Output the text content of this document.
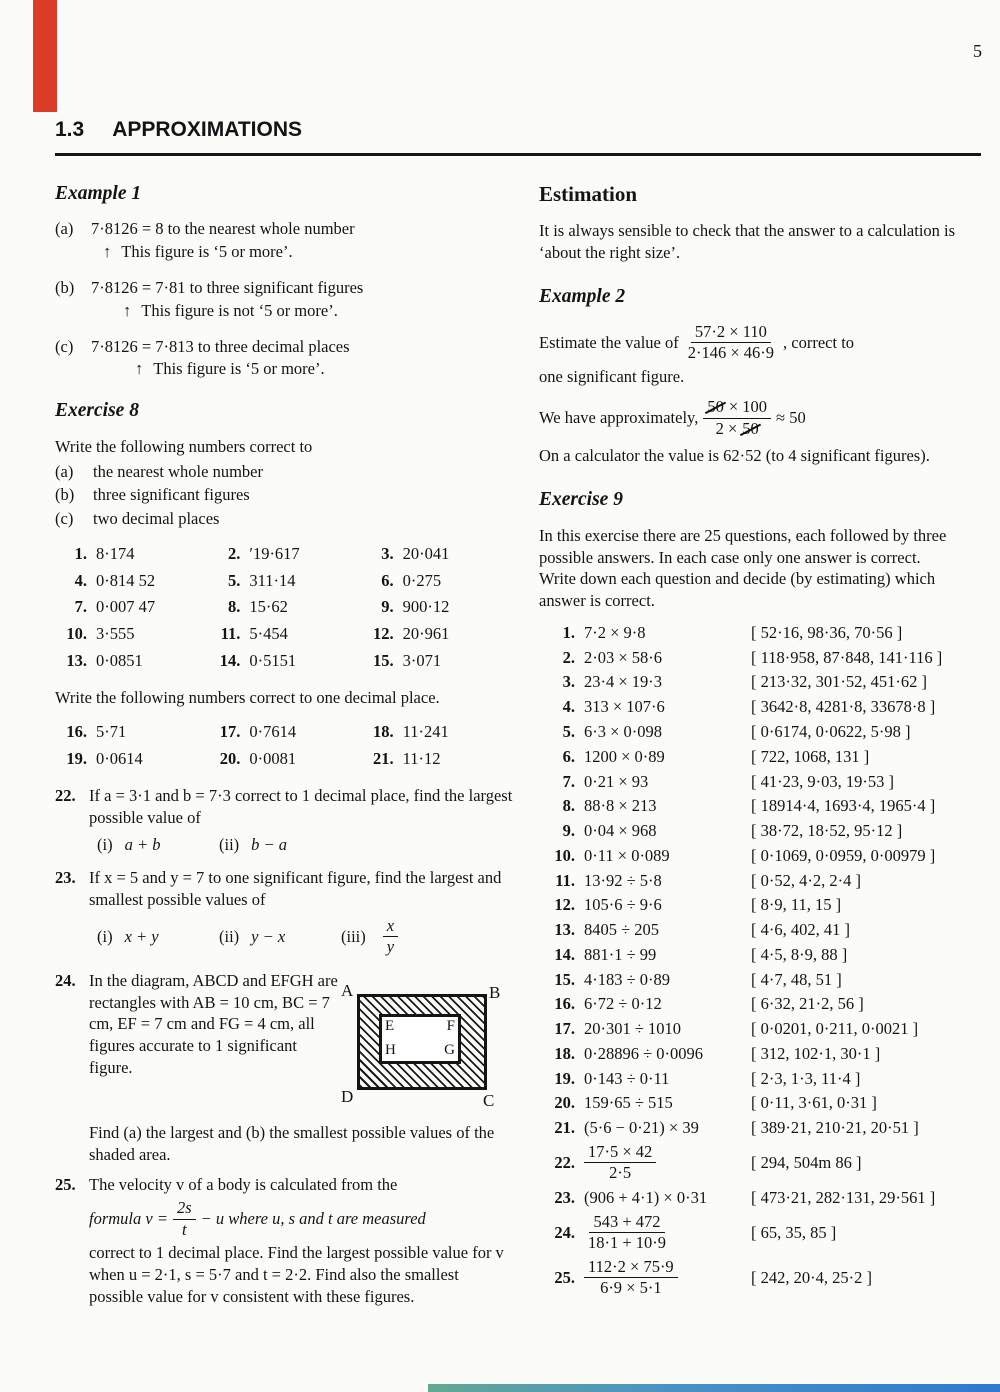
5
1.3 APPROXIMATIONS
Example 1
(a)	7·8126 = 8 to the nearest whole number
↑ This figure is ‘5 or more’.
(b)	7·8126 = 7·81 to three significant figures
↑ This figure is not ‘5 or more’.
(c)	7·8126 = 7·813 to three decimal places
↑ This figure is ‘5 or more’.
Exercise 8

Write the following numbers correct to

(a)	the nearest whole number
(b)	three significant figures
(c)	two decimal places
1. 8·174	2. ′19·617	3. 20·041
4. 0·814 52	5. 311·14	6. 0·275
7. 0·007 47	8. 15·62	9. 900·12
10. 3·555	11. 5·454	12. 20·961
13. 0·0851	14. 0·5151	15. 3·071

Write the following numbers correct to one decimal place.

16. 5·71	17. 0·7614	18. 11·241
19. 0·0614	20. 0·0081	21. 11·12
22. If a = 3·1 and b = 7·3 correct to 1 decimal place, find the largest possible value of
(i) a + b	(ii) b − a
23. If x = 5 and y = 7 to one significant figure, find the largest and smallest possible values of
(i) x + y	(ii) y − x	$(iii) \frac{x}{y}$
24. In the diagram, ABCD and EFGH are rectangles with AB = 10 cm, BC = 7 cm, EF = 7 cm and FG = 4 cm, all figures accurate to 1 significant figure.
A	B
D	C
E	F
H	G
Find (a) the largest and (b) the smallest possible values of the shaded area.
25. The velocity v of a body is calculated from the
formula $v = \frac{2s}{t} - u$ where u, s and t are measured
correct to 1 decimal place. Find the largest possible value for v when u = 2·1, s = 5·7 and t = 2·2. Find also the smallest possible value for v consistent with these figures.
Estimation

It is always sensible to check that the answer to a calculation is ‘about the right size’.

Example 2
Estimate the value of $\frac{57\cdot 2 \times 110}{2\cdot 146 \times 46\cdot 9}$ , correct to

one significant figure.

We have approximately, $\frac{50 \times 100}{2 \times 50} \approx 50$

On a calculator the value is 62·52 (to 4 significant figures).

Exercise 9

In this exercise there are 25 questions, each followed by three possible answers. In each case only one answer is correct.

Write down each question and decide (by estimating) which answer is correct.

1. 7·2 × 9·8	[ 52·16, 98·36, 70·56 ]
2. 2·03 × 58·6	[ 118·958, 87·848, 141·116 ]
3. 23·4 × 19·3	[ 213·32, 301·52, 451·62 ]
4. 313 × 107·6	[ 3642·8, 4281·8, 33678·8 ]
5. 6·3 × 0·098	[ 0·6174, 0·0622, 5·98 ]
6. 1200 × 0·89	[ 722, 1068, 131 ]
7. 0·21 × 93	[ 41·23, 9·03, 19·53 ]
8. 88·8 × 213	[ 18914·4, 1693·4, 1965·4 ]
9. 0·04 × 968	[ 38·72, 18·52, 95·12 ]
10. 0·11 × 0·089	[ 0·1069, 0·0959, 0·00979 ]
11. 13·92 ÷ 5·8	[ 0·52, 4·2, 2·4 ]
12. 105·6 ÷ 9·6	[ 8·9, 11, 15 ]
13. 8405 ÷ 205	[ 4·6, 402, 41 ]
14. 881·1 ÷ 99	[ 4·5, 8·9, 88 ]
15. 4·183 ÷ 0·89	[ 4·7, 48, 51 ]
16. 6·72 ÷ 0·12	[ 6·32, 21·2, 56 ]
17. 20·301 ÷ 1010	[ 0·0201, 0·211, 0·0021 ]
18. 0·28896 ÷ 0·0096	[ 312, 102·1, 30·1 ]
19. 0·143 ÷ 0·11	[ 2·3, 1·3, 11·4 ]
20. 159·65 ÷ 515	[ 0·11, 3·61, 0·31 ]
21. (5·6 − 0·21) × 39	[ 389·21, 210·21, 20·51 ]
22. $\frac{17\cdot 5 \times 42}{2\cdot 5}$	[ 294, 504m 86 ]
23. (906 + 4·1) × 0·31	[ 473·21, 282·131, 29·561 ]
24. $\frac{543 + 472}{18\cdot 1 + 10\cdot 9}$	[ 65, 35, 85 ]
25. $\frac{112\cdot 2 \times 75\cdot 9}{6\cdot 9 \times 5\cdot 1}$	[ 242, 20·4, 25·2 ]
